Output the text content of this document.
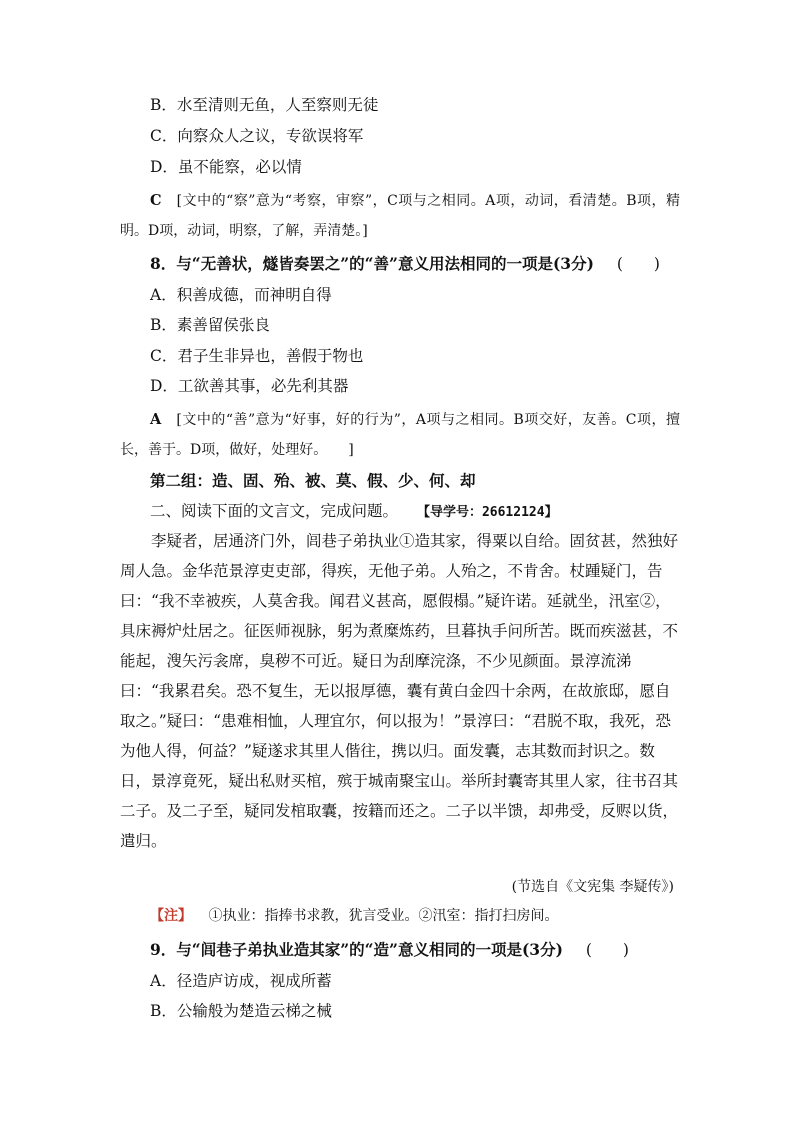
B．水至清则无鱼，人至察则无徒
C．向察众人之议，专欲误将军
D．虽不能察，必以情
C [文中的“察”意为“考察，审察”，C项与之相同。A项，动词，看清楚。B项，精明。D项，动词，明察，了解，弄清楚。]
8．与“无善状，燧皆奏罢之”的“善”意义用法相同的一项是(3分) (　　)
A．积善成德，而神明自得
B．素善留侯张良
C．君子生非异也，善假于物也
D．工欲善其事，必先利其器
A [文中的“善”意为“好事，好的行为”，A项与之相同。B项交好，友善。C项，擅长，善于。D项，做好，处理好。　　]
第二组：造、固、殆、被、莫、假、少、何、却
二、阅读下面的文言文，完成问题。 【导学号：26612124】

李疑者，居通济门外，闾巷子弟执业①造其家，得粟以自给。固贫甚，然独好周人急。金华范景淳吏吏部，得疾，无他子弟。人殆之，不肯舍。杖踵疑门，告曰：“我不幸被疾，人莫舍我。闻君义甚高，愿假榻。”疑许诺。延就坐，汛室②，具床褥炉灶居之。征医师视脉，躬为煮糜炼药，旦暮执手问所苦。既而疾滋甚，不能起，溲矢污衾席，臭秽不可近。疑日为刮摩浣涤，不少见颜面。景淳流涕曰：“我累君矣。恐不复生，无以报厚德，囊有黄白金四十余两，在故旅邸，愿自取之。”疑曰：“患难相恤，人理宜尔，何以报为！”景淳曰：“君脱不取，我死，恐为他人得，何益？”疑遂求其里人偕往，携以归。面发囊，志其数而封识之。数日，景淳竟死，疑出私财买棺，殡于城南聚宝山。举所封囊寄其里人家，往书召其二子。及二子至，疑同发棺取囊，按籍而还之。二子以半馈，却弗受，反赆以货，遣归。

(节选自《文宪集 李疑传》)
【注】 ①执业：指捧书求教，犹言受业。②汛室：指打扫房间。
9．与“闾巷子弟执业造其家”的“造”意义相同的一项是(3分) (　　)
A．径造庐访成，视成所蓄
B．公输般为楚造云梯之械
